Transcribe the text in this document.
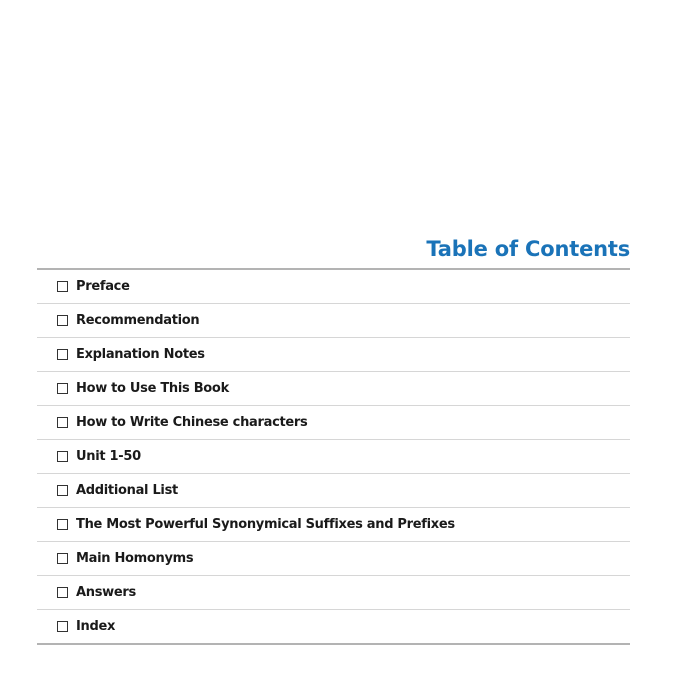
Table of Contents
Preface
Recommendation
Explanation Notes
How to Use This Book
How to Write Chinese characters
Unit 1-50
Additional List
The Most Powerful Synonymical Suffixes and Prefixes
Main Homonyms
Answers
Index
